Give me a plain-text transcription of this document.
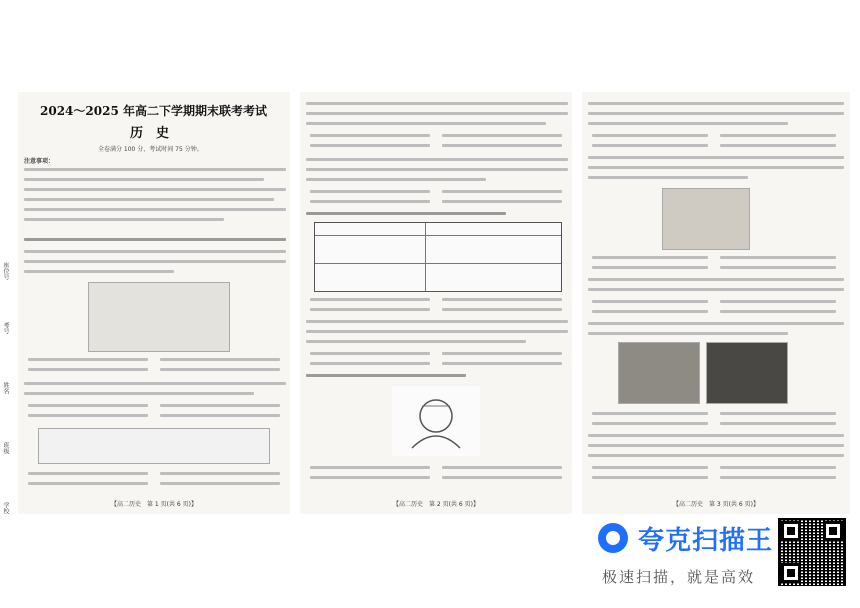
学校
班级
姓名
考号
座位号
2024～2025 年高二下学期期末联考考试
历　史
全卷满分 100 分，考试时间 75 分钟。
注意事项：
【高二历史　第 1 页(共 6 页)】	【高二历史　第 2 页(共 6 页)】	【高二历史　第 3 页(共 6 页)】
夸克扫描王
极速扫描，就是高效
